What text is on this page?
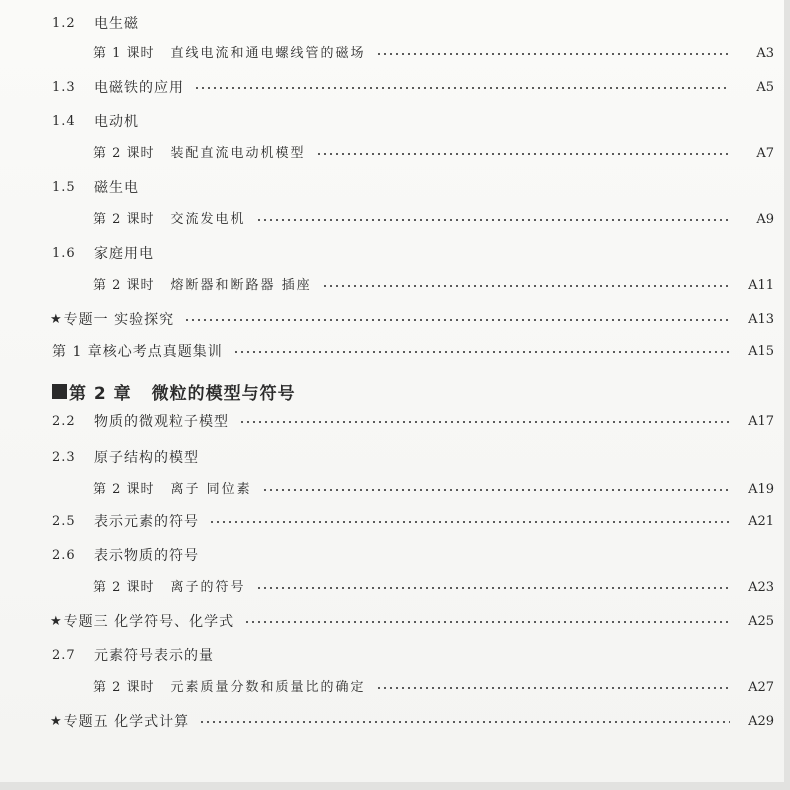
1.2	电生磁
第 1 课时 直线电流和通电螺线管的磁场	A3
1.3	电磁铁的应用	A5
1.4	电动机
第 2 课时 装配直流电动机模型	A7
1.5	磁生电
第 2 课时 交流发电机	A9
1.6	家庭用电
第 2 课时 熔断器和断路器 插座	A11
★ 专题一 实验探究	A13
第 1 章核心考点真题集训	A15
第 2 章 微粒的模型与符号
2.2	物质的微观粒子模型	A17
2.3	原子结构的模型
第 2 课时 离子 同位素	A19
2.5	表示元素的符号	A21
2.6	表示物质的符号
第 2 课时 离子的符号	A23
★ 专题三 化学符号、化学式	A25
2.7	元素符号表示的量
第 2 课时 元素质量分数和质量比的确定	A27
★ 专题五 化学式计算	A29
